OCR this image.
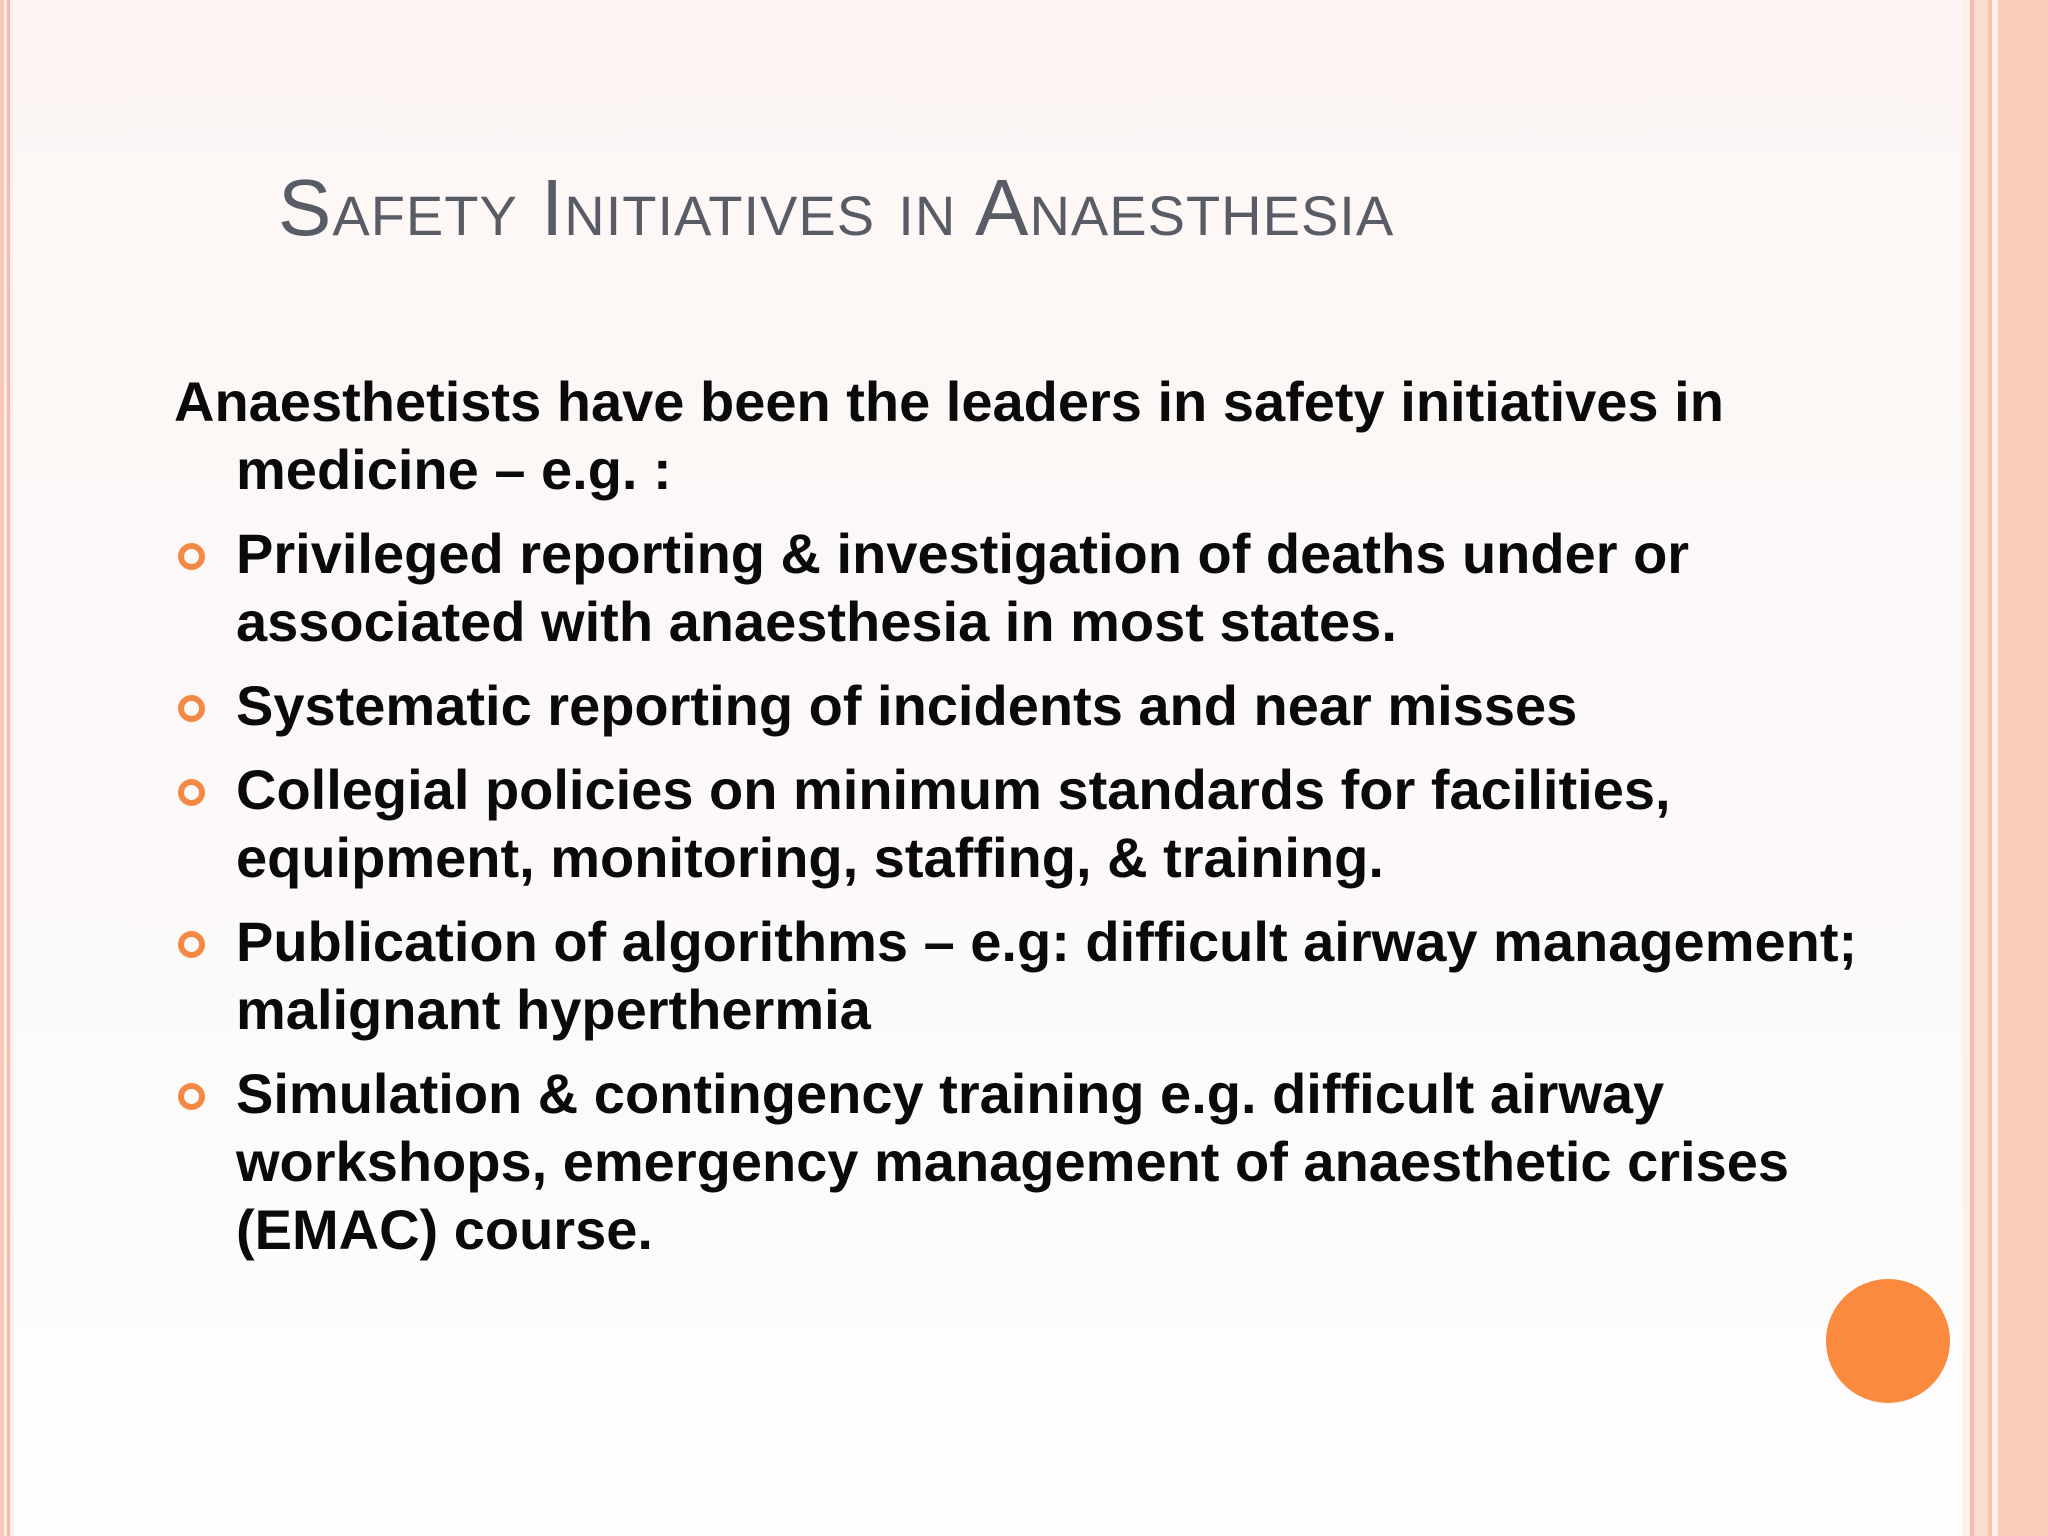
Safety Initiatives in Anaesthesia

Anaesthetists have been the leaders in safety initiatives in medicine – e.g. :

Privileged reporting & investigation of deaths under or associated with anaesthesia in most states.
Systematic reporting of incidents and near misses
Collegial policies on minimum standards for facilities, equipment, monitoring, staffing, & training.
Publication of algorithms – e.g: difficult airway management; malignant hyperthermia
Simulation & contingency training e.g. difficult airway workshops, emergency management of anaesthetic crises (EMAC) course.
